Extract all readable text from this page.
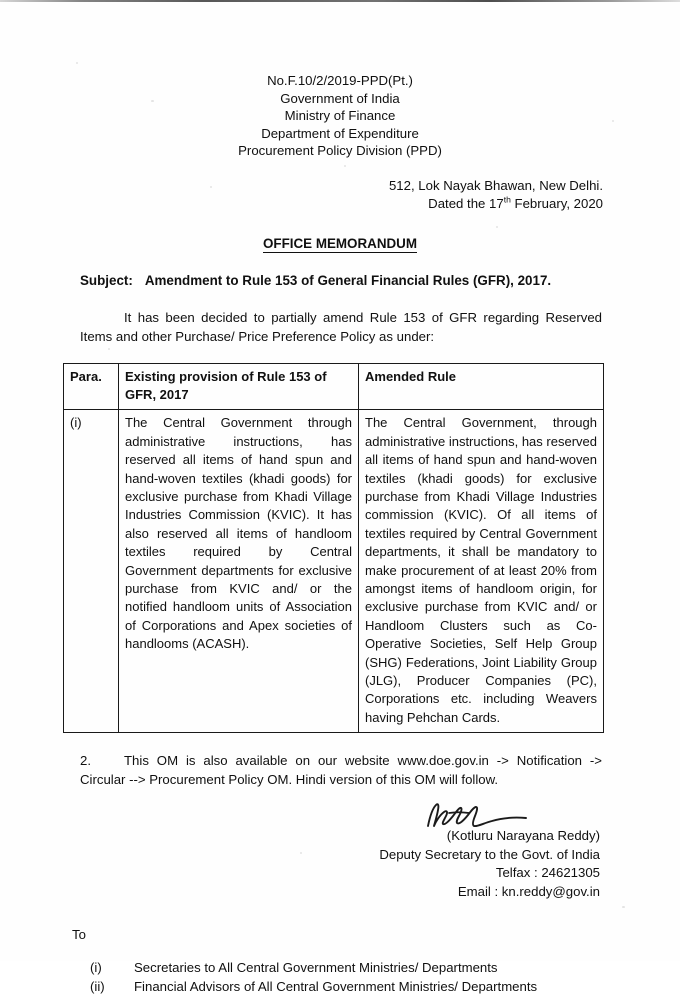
No.F.10/2/2019-PPD(Pt.)
Government of India
Ministry of Finance
Department of Expenditure
Procurement Policy Division (PPD)
512, Lok Nayak Bhawan, New Delhi.
Dated the 17th February, 2020
OFFICE MEMORANDUM
Subject: Amendment to Rule 153 of General Financial Rules (GFR), 2017.
It has been decided to partially amend Rule 153 of GFR regarding Reserved Items and other Purchase/ Price Preference Policy as under:
Para.	Existing provision of Rule 153 of GFR, 2017	Amended Rule
(i)	The Central Government through administrative instructions, has reserved all items of hand spun and hand-woven textiles (khadi goods) for exclusive purchase from Khadi Village Industries Commission (KVIC). It has also reserved all items of handloom textiles required by Central Government departments for exclusive purchase from KVIC and/ or the notified handloom units of Association of Corporations and Apex societies of handlooms (ACASH).	The Central Government, through administrative instructions, has reserved all items of hand spun and hand-woven textiles (khadi goods) for exclusive purchase from Khadi Village Industries commission (KVIC). Of all items of textiles required by Central Government departments, it shall be mandatory to make procurement of at least 20% from amongst items of handloom origin, for exclusive purchase from KVIC and/ or Handloom Clusters such as Co-Operative Societies, Self Help Group (SHG) Federations, Joint Liability Group (JLG), Producer Companies (PC), Corporations etc. including Weavers having Pehchan Cards.
2.	This OM is also available on our website www.doe.gov.in -> Notification -> Circular --> Procurement Policy OM. Hindi version of this OM will follow.
(Kotluru Narayana Reddy)
Deputy Secretary to the Govt. of India
Telfax : 24621305
Email : kn.reddy@gov.in
To
(i) Secretaries to All Central Government Ministries/ Departments
(ii) Financial Advisors of All Central Government Ministries/ Departments
